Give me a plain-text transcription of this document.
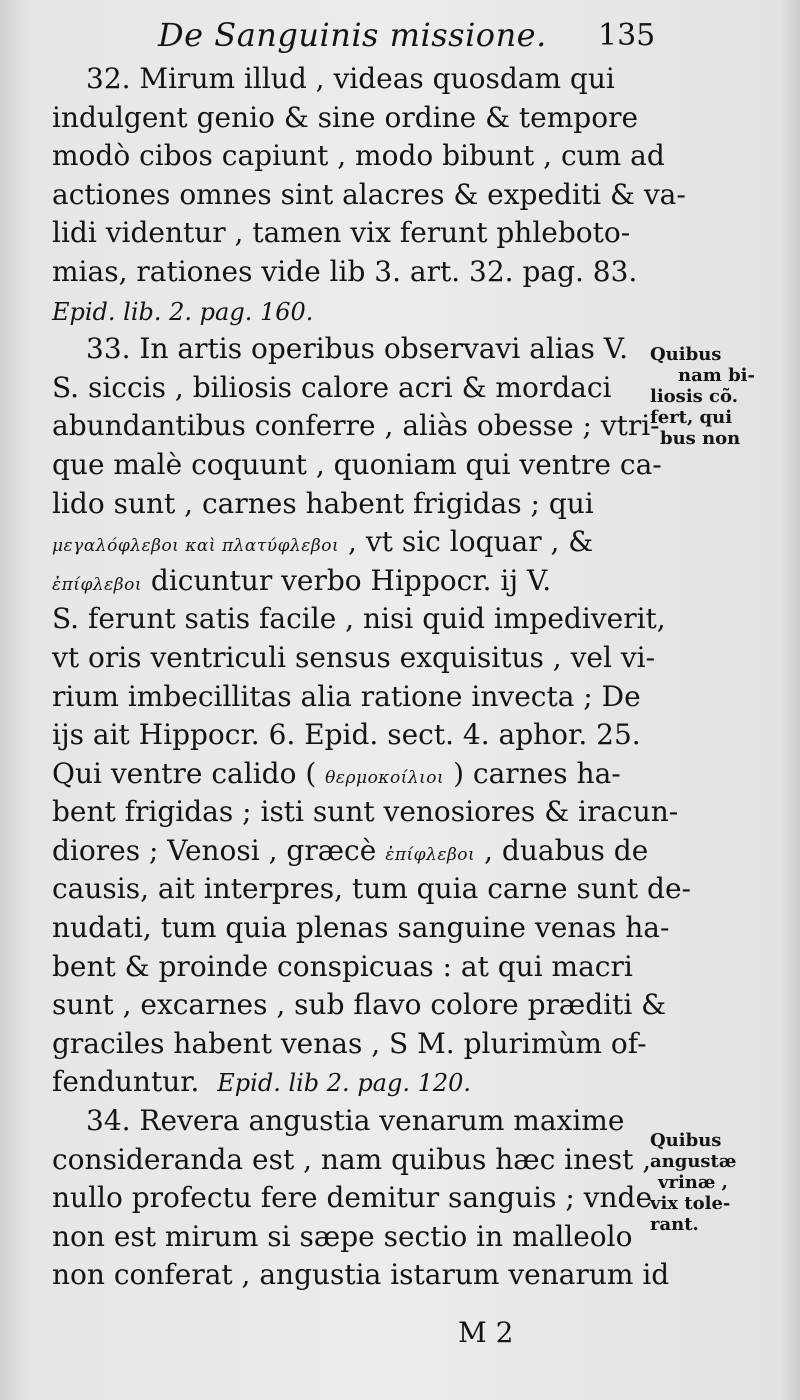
De Sanguinis missione. 135
32. Mirum illud , videas quosdam qui
indulgent genio & sine ordine & tempore
modò cibos capiunt , modo bibunt , cum ad
actiones omnes sint alacres & expediti & va-
lidi videntur , tamen vix ferunt phleboto-
mias, rationes vide lib 3. art. 32. pag. 83.
Epid. lib. 2. pag. 160.
33. In artis operibus observavi alias V.
S. siccis , biliosis calore acri & mordaci
abundantibus conferre , aliàs obesse ; vtri-
que malè coquunt , quoniam qui ventre ca-
lido sunt , carnes habent frigidas ; qui
μεγαλόφλεβοι καὶ πλατύφλεβοι , vt sic loquar , &
ἐπίφλεβοι dicuntur verbo Hippocr. ij V.
S. ferunt satis facile , nisi quid impediverit,
vt oris ventriculi sensus exquisitus , vel vi-
rium imbecillitas alia ratione invecta ; De
ijs ait Hippocr. 6. Epid. sect. 4. aphor. 25.
Qui ventre calido ( θερμοκοίλιοι ) carnes ha-
bent frigidas ; isti sunt venosiores & iracun-
diores ; Venosi , græcè ἐπίφλεβοι , duabus de
causis, ait interpres, tum quia carne sunt de-
nudati, tum quia plenas sanguine venas ha-
bent & proinde conspicuas : at qui macri
sunt , excarnes , sub flavo colore præditi &
graciles habent venas , S M. plurimùm of-
fenduntur. Epid. lib 2. pag. 120.
34. Revera angustia venarum maxime
considerandа est , nam quibus hæc inest ,
nullo profectu fere demitur sanguis ; vnde
non est mirum si sæpe sectio in malleolo
non conferat , angustia istarum venarum id
Quibus
nam bi-
liosis cõ.
fert, qui
bus non
Quibus
angustæ
vrinæ ,
vix tole-
rant.
M 2
